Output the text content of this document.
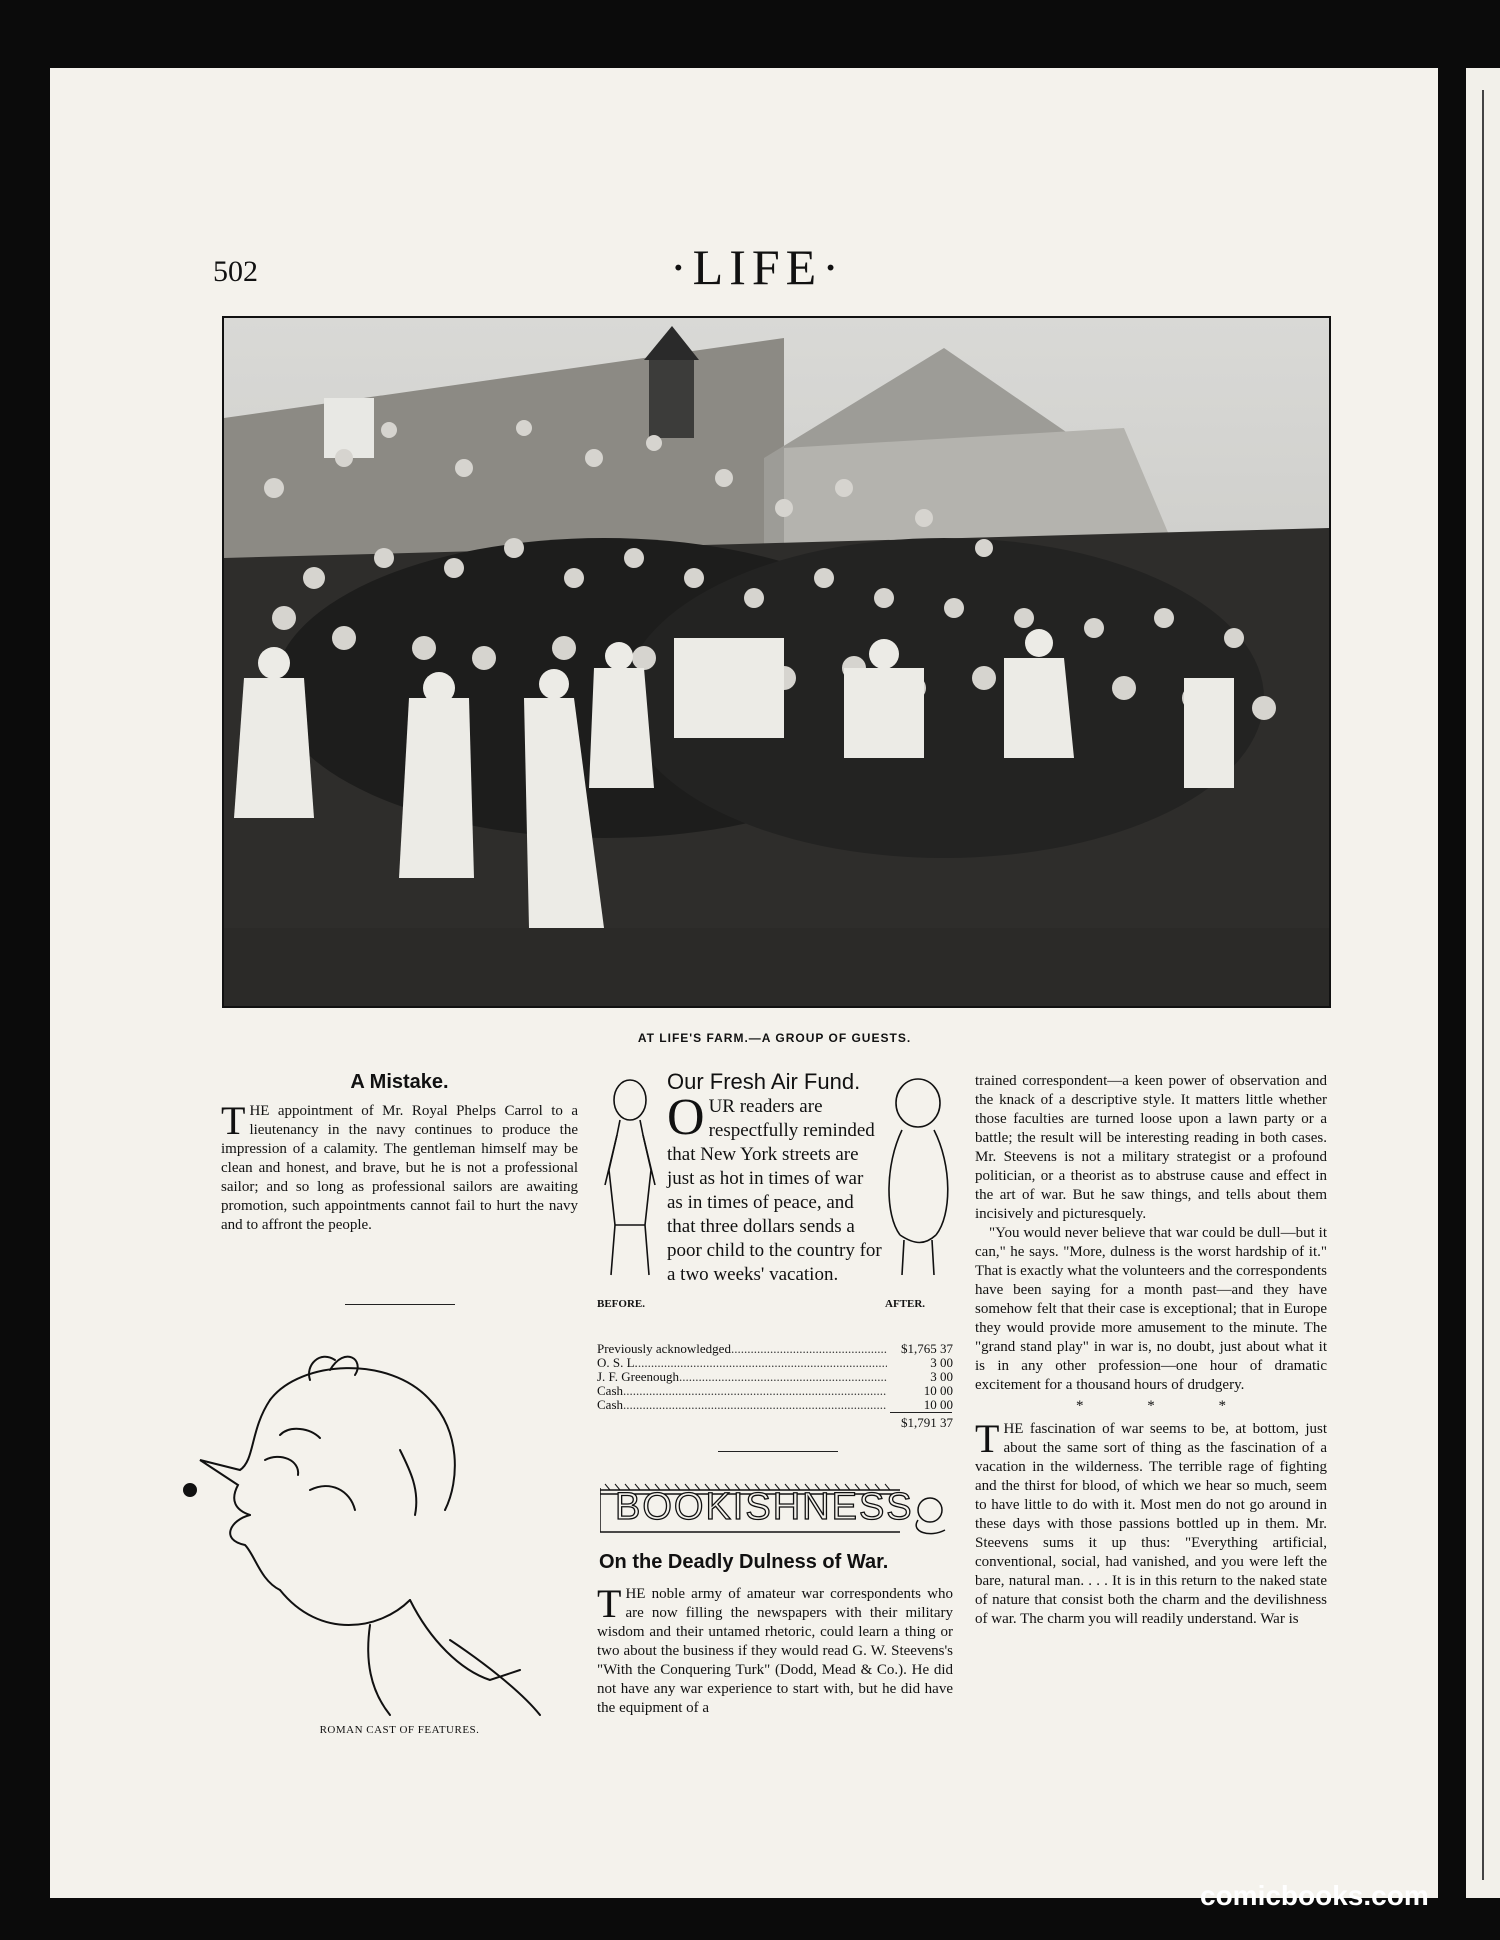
502	·LIFE·
AT LIFE'S FARM.—A GROUP OF GUESTS.
A Mistake.

THE appointment of Mr. Royal Phelps Carrol to a lieutenancy in the navy continues to produce the impression of a calamity. The gentleman himself may be clean and honest, and brave, but he is not a professional sailor; and so long as professional sailors are awaiting promotion, such appointments cannot fail to hurt the navy and to affront the people.

ROMAN CAST OF FEATURES.
Our Fresh Air Fund.
OUR readers are respectfully reminded that New York streets are just as hot in times of war as in times of peace, and that three dollars sends a poor child to the country for a two weeks' vacation.
BEFORE.	AFTER.
Previously acknowledged .....	$1,765 37
O. S. L. .....	3 00
J. F. Greenough .....	3 00
Cash .....	10 00
Cash .....	10 00
$1,791 37
BOOKISHNESS
On the Deadly Dulness of War.

THE noble army of amateur war correspondents who are now filling the newspapers with their military wisdom and their untamed rhetoric, could learn a thing or two about the business if they would read G. W. Steevens's "With the Conquering Turk" (Dodd, Mead & Co.). He did not have any war experience to start with, but he did have the equipment of a

trained correspondent—a keen power of observation and the knack of a descriptive style. It matters little whether those faculties are turned loose upon a lawn party or a battle; the result will be interesting reading in both cases. Mr. Steevens is not a military strategist or a profound politician, or a theorist as to abstruse cause and effect in the art of war. But he saw things, and tells about them incisively and picturesquely.

"You would never believe that war could be dull—but it can," he says. "More, dulness is the worst hardship of it." That is exactly what the volunteers and the correspondents have been saying for a month past—and they have somehow felt that their case is exceptional; that in Europe they would provide more amusement to the minute. The "grand stand play" in war is, no doubt, just about what it is in any other profession—one hour of dramatic excitement for a thousand hours of drudgery.

* * *

THE fascination of war seems to be, at bottom, just about the same sort of thing as the fascination of a vacation in the wilderness. The terrible rage of fighting and the thirst for blood, of which we hear so much, seem to have little to do with it. Most men do not go around in these days with those passions bottled up in them. Mr. Steevens sums it up thus: "Everything artificial, conventional, social, had vanished, and you were left the bare, natural man. . . . It is in this return to the naked state of nature that consist both the charm and the devilishness of war. The charm you will readily understand. War is

comicbooks.com
